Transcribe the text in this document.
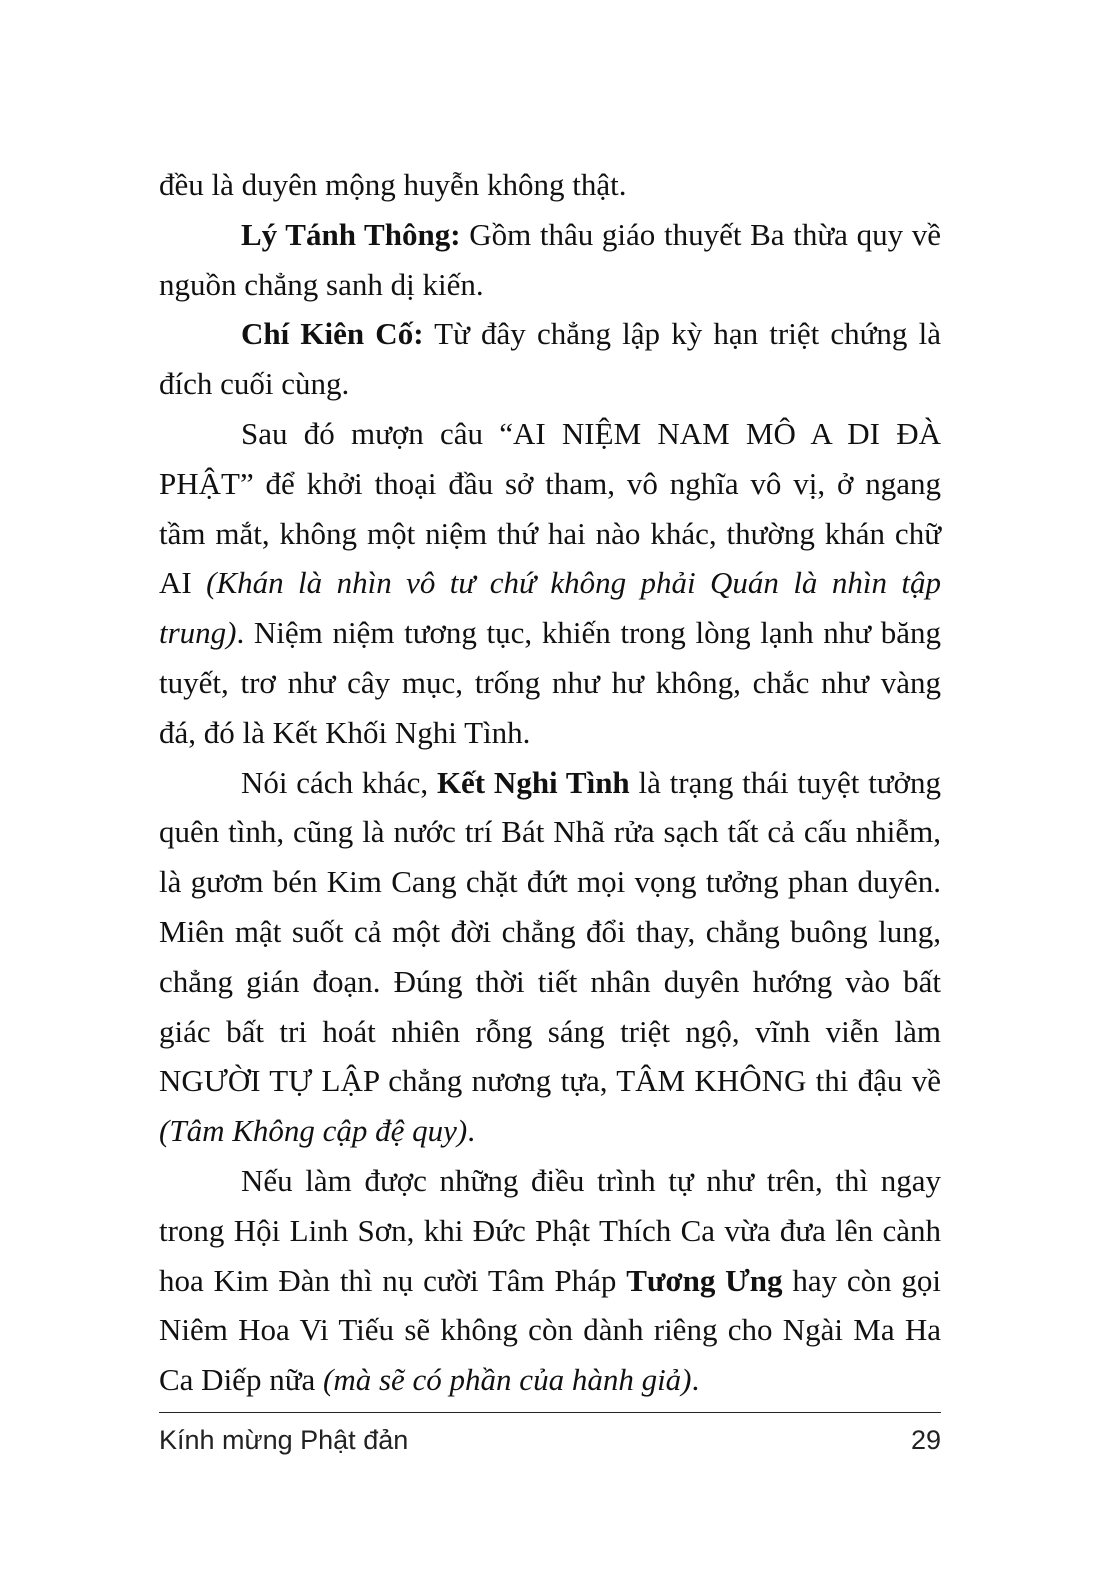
đều là duyên mộng huyễn không thật.

Lý Tánh Thông: Gồm thâu giáo thuyết Ba thừa quy về nguồn chẳng sanh dị kiến.

Chí Kiên Cố: Từ đây chẳng lập kỳ hạn triệt chứng là đích cuối cùng.

Sau đó mượn câu “AI NIỆM NAM MÔ A DI ĐÀ PHẬT” để khởi thoại đầu sở tham, vô nghĩa vô vị, ở ngang tầm mắt, không một niệm thứ hai nào khác, thường khán chữ AI (Khán là nhìn vô tư chứ không phải Quán là nhìn tập trung). Niệm niệm tương tục, khiến trong lòng lạnh như băng tuyết, trơ như cây mục, trống như hư không, chắc như vàng đá, đó là Kết Khối Nghi Tình.

Nói cách khác, Kết Nghi Tình là trạng thái tuyệt tưởng quên tình, cũng là nước trí Bát Nhã rửa sạch tất cả cấu nhiễm, là gươm bén Kim Cang chặt đứt mọi vọng tưởng phan duyên. Miên mật suốt cả một đời chẳng đổi thay, chẳng buông lung, chẳng gián đoạn. Đúng thời tiết nhân duyên hướng vào bất giác bất tri hoát nhiên rỗng sáng triệt ngộ, vĩnh viễn làm NGƯỜI TỰ LẬP chẳng nương tựa, TÂM KHÔNG thi đậu về (Tâm Không cập đệ quy).

Nếu làm được những điều trình tự như trên, thì ngay trong Hội Linh Sơn, khi Đức Phật Thích Ca vừa đưa lên cành hoa Kim Đàn thì nụ cười Tâm Pháp Tương Ưng hay còn gọi Niêm Hoa Vi Tiếu sẽ không còn dành riêng cho Ngài Ma Ha Ca Diếp nữa (mà sẽ có phần của hành giả).

Kính mừng Phật đản	29
